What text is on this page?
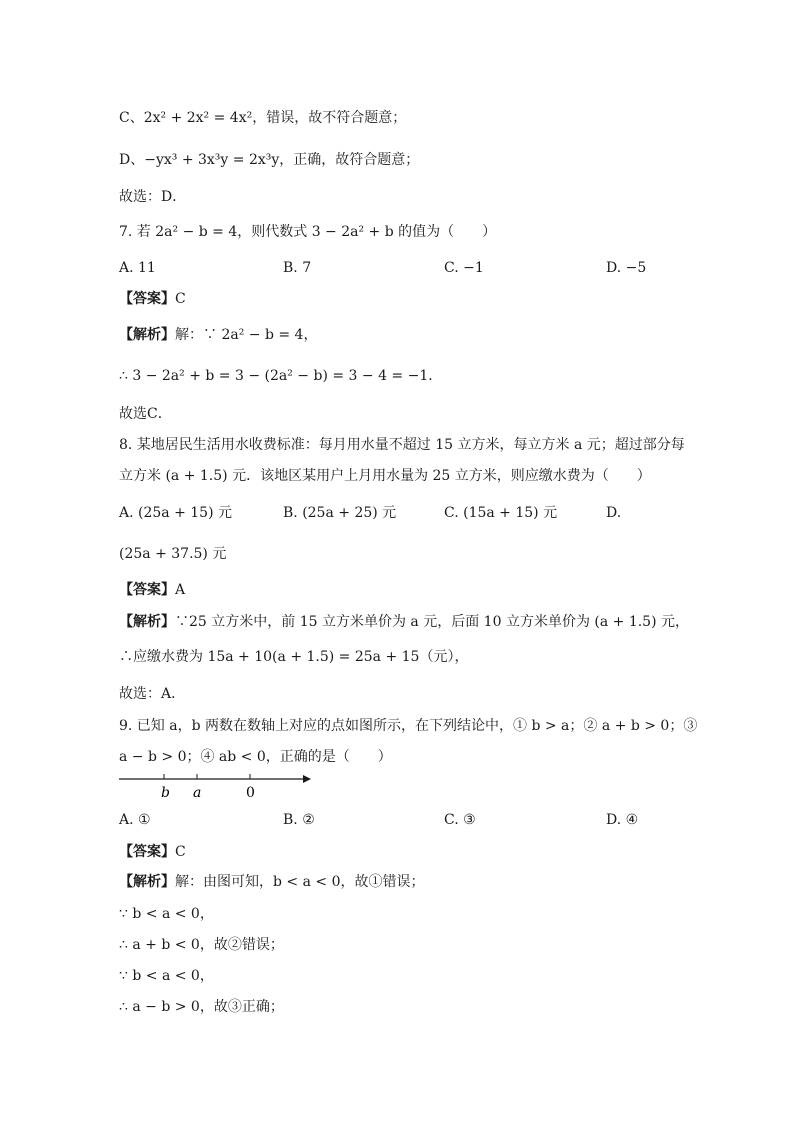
C、2x² + 2x² = 4x²，错误，故不符合题意；
D、−yx³ + 3x³y = 2x³y，正确，故符合题意；
故选：D．
7. 若 2a² − b = 4，则代数式 3 − 2a² + b 的值为（　　）
A. 11	B. 7	C. −1	D. −5
【答案】C
【解析】解：∵ 2a² − b = 4，
∴ 3 − 2a² + b = 3 − (2a² − b) = 3 − 4 = −1．
故选C．
8. 某地居民生活用水收费标准：每月用水量不超过 15 立方米，每立方米 a 元；超过部分每
立方米 (a + 1.5) 元．该地区某用户上月用水量为 25 立方米，则应缴水费为（　　）
A. (25a + 15) 元	B. (25a + 25) 元	C. (15a + 15) 元	D.
(25a + 37.5) 元
【答案】A
【解析】∵25 立方米中，前 15 立方米单价为 a 元，后面 10 立方米单价为 (a + 1.5) 元，
∴应缴水费为 15a + 10(a + 1.5) = 25a + 15（元），
故选：A．
9. 已知 a，b 两数在数轴上对应的点如图所示，在下列结论中，① b > a；② a + b > 0；③
a − b > 0；④ ab < 0，正确的是（　　）
b a	0
A. ①	B. ②	C. ③	D. ④
【答案】C
【解析】解：由图可知，b < a < 0，故①错误；
∵ b < a < 0，
∴ a + b < 0，故②错误；
∵ b < a < 0，
∴ a − b > 0，故③正确；
